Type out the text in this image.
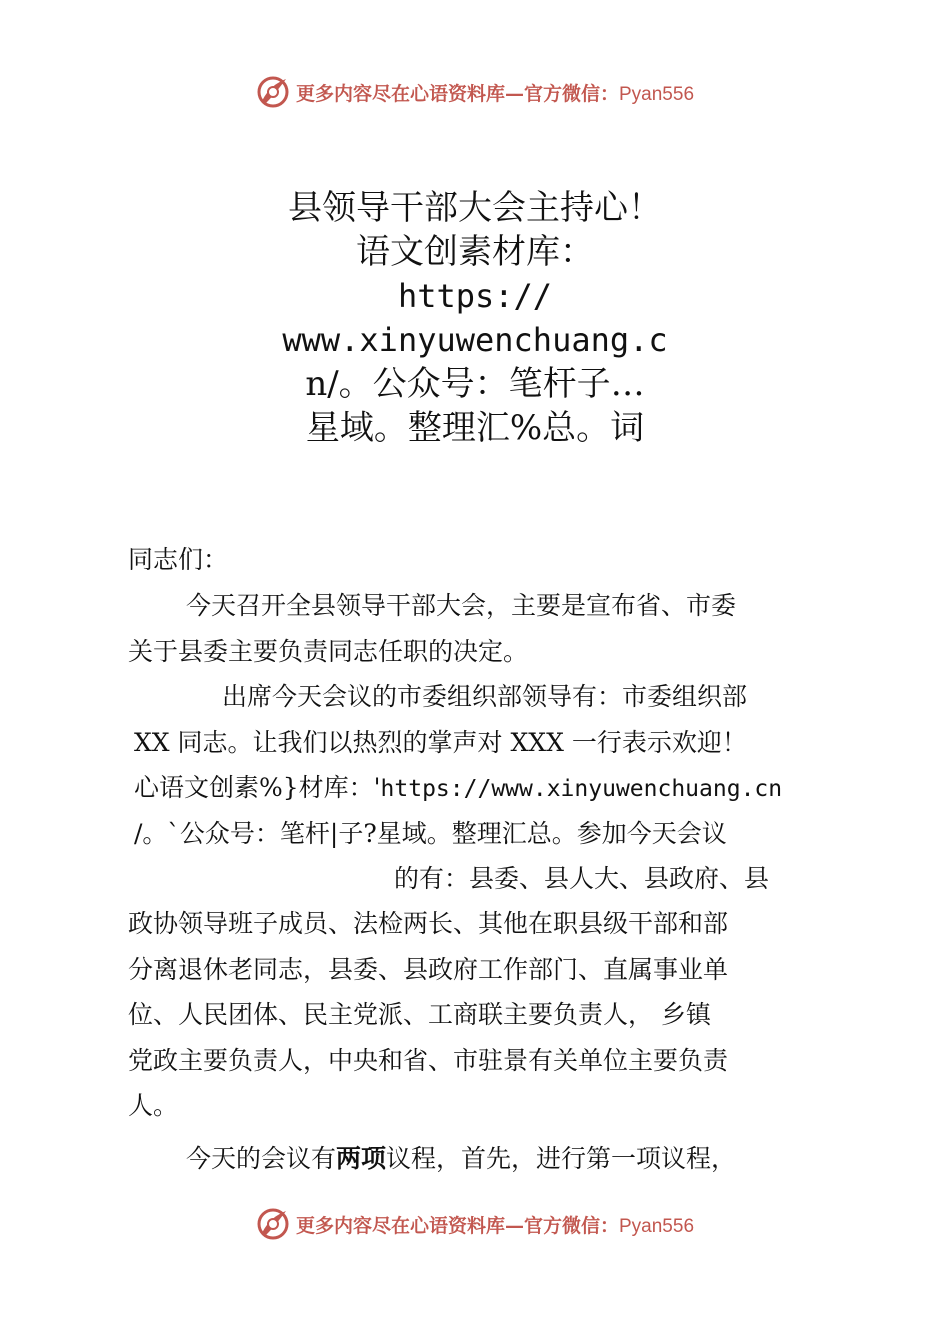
更多内容尽在心语资料库—官方微信：Pyan556
县领导干部大会主持心！
语文创素材库：
https://
www.xinyuwenchuang.c
n/。公众号：笔杆子…
星域。整理汇%总。词
同志们：
今天召开全县领导干部大会，主要是宣布省、市委
关于县委主要负责同志任职的决定。
出席今天会议的市委组织部领导有：市委组织部
XX 同志。让我们以热烈的掌声对 XXX 一行表示欢迎！
心语文创素%}材库：'https://www.xinyuwenchuang.cn
/。`公众号：笔杆|子?星域。整理汇总。参加今天会议
的有：县委、县人大、县政府、县
政协领导班子成员、法检两长、其他在职县级干部和部
分离退休老同志，县委、县政府工作部门、直属事业单
位、人民团体、民主党派、工商联主要负责人， 乡镇
党政主要负责人，中央和省、市驻景有关单位主要负责
人。
今天的会议有两项议程，首先，进行第一项议程，
更多内容尽在心语资料库—官方微信：Pyan556
